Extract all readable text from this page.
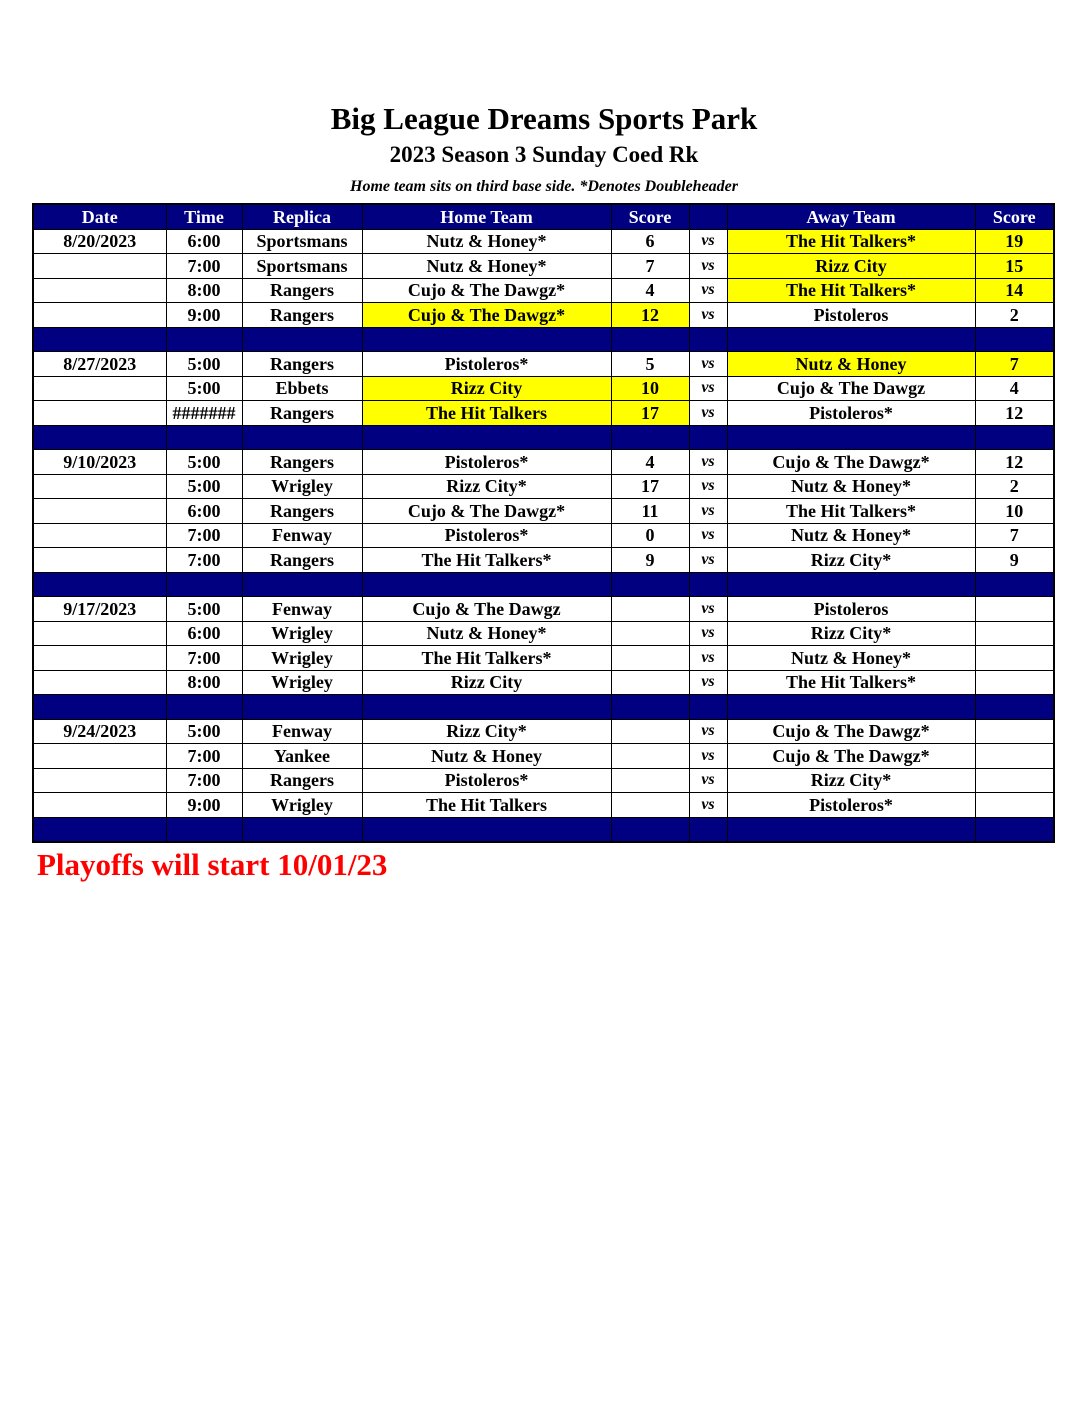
Big League Dreams Sports Park
2023 Season 3 Sunday Coed Rk
Home team sits on third base side. *Denotes Doubleheader
Date	Time	Replica	Home Team	Score		Away Team	Score
8/20/2023	6:00	Sportsmans	Nutz & Honey*	6	vs	The Hit Talkers*	19
	7:00	Sportsmans	Nutz & Honey*	7	vs	Rizz City	15
	8:00	Rangers	Cujo & The Dawgz*	4	vs	The Hit Talkers*	14
	9:00	Rangers	Cujo & The Dawgz*	12	vs	Pistoleros	2

8/27/2023	5:00	Rangers	Pistoleros*	5	vs	Nutz & Honey	7
	5:00	Ebbets	Rizz City	10	vs	Cujo & The Dawgz	4
	#######	Rangers	The Hit Talkers	17	vs	Pistoleros*	12

9/10/2023	5:00	Rangers	Pistoleros*	4	vs	Cujo & The Dawgz*	12
	5:00	Wrigley	Rizz City*	17	vs	Nutz & Honey*	2
	6:00	Rangers	Cujo & The Dawgz*	11	vs	The Hit Talkers*	10
	7:00	Fenway	Pistoleros*	0	vs	Nutz & Honey*	7
	7:00	Rangers	The Hit Talkers*	9	vs	Rizz City*	9

9/17/2023	5:00	Fenway	Cujo & The Dawgz		vs	Pistoleros	
	6:00	Wrigley	Nutz & Honey*		vs	Rizz City*	
	7:00	Wrigley	The Hit Talkers*		vs	Nutz & Honey*	
	8:00	Wrigley	Rizz City		vs	The Hit Talkers*	

9/24/2023	5:00	Fenway	Rizz City*		vs	Cujo & The Dawgz*	
	7:00	Yankee	Nutz & Honey		vs	Cujo & The Dawgz*	
	7:00	Rangers	Pistoleros*		vs	Rizz City*	
	9:00	Wrigley	The Hit Talkers		vs	Pistoleros*	

Playoffs will start 10/01/23
